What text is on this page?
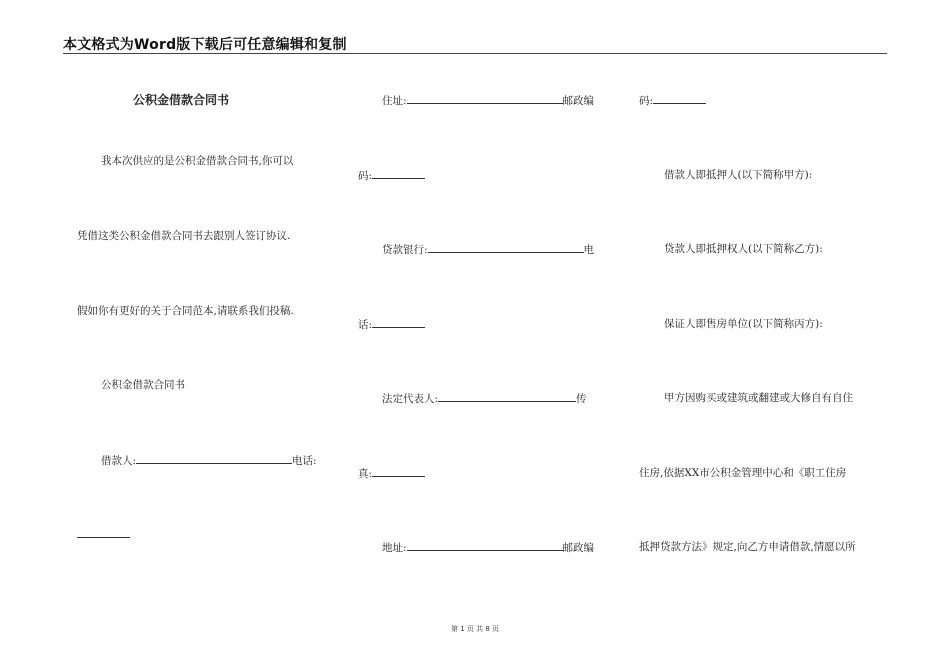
本文格式为Word版下载后可任意编辑和复制
公积金借款合同书
我本次供应的是公积金借款合同书,你可以
凭借这类公积金借款合同书去跟别人签订协议.
假如你有更好的关于合同范本,请联系我们投稿.
公积金借款合同书
借款人:	电话:
住址:	邮政编
码:
贷款银行:	电
话:
法定代表人:	传
真:
地址:	邮政编
码:
借款人即抵押人(以下简称甲方):
贷款人即抵押权人(以下简称乙方):
保证人即售房单位(以下简称丙方):
甲方因购买或建筑或翻建或大修自有自住
住房,依据XX市公积金管理中心和《职工住房
抵押贷款方法》规定,向乙方申请借款,情愿以所
第 1 页 共 8 页
